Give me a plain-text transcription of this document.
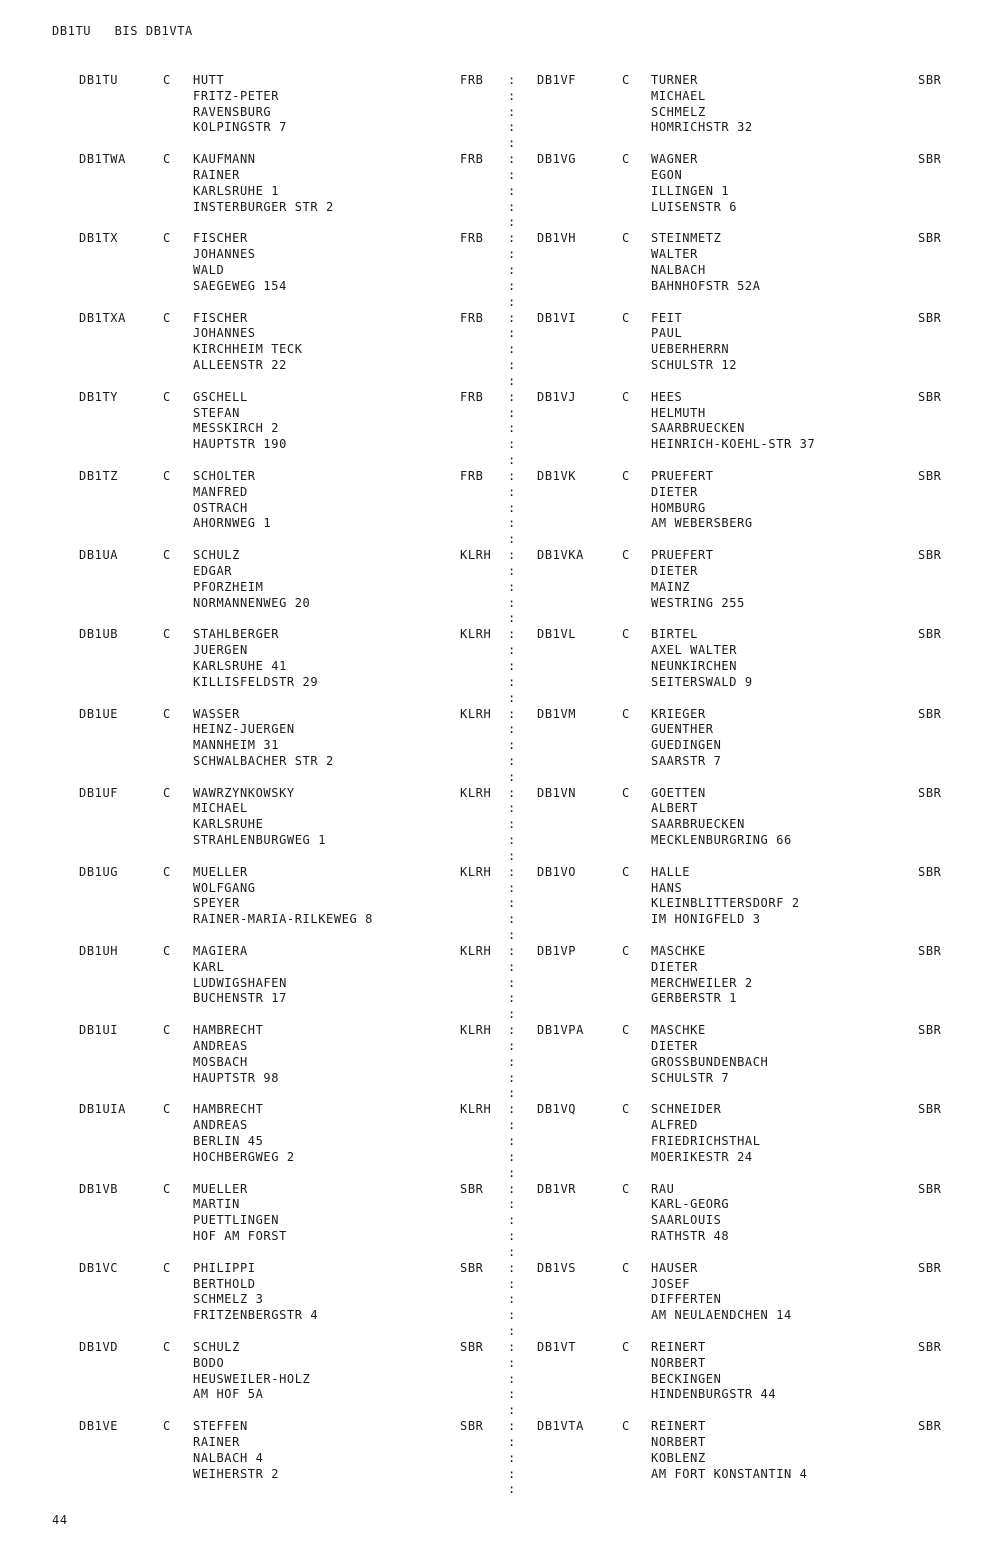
DB1TU   BIS DB1VTA
DB1TU	C HUTT	FRB	DB1VF	C TURNER	SBR
:
FRITZ-PETER	MICHAEL
:
RAVENSBURG	SCHMELZ
:
KOLPINGSTR 7	HOMRICHSTR 32
:
:
DB1TWA	C KAUFMANN	FRB	DB1VG	C WAGNER	SBR
:
RAINER	EGON
:
KARLSRUHE 1	ILLINGEN 1
:
INSTERBURGER STR 2	LUISENSTR 6
:
:
DB1TX	C FISCHER	FRB	DB1VH	C STEINMETZ	SBR
:
JOHANNES	WALTER
:
WALD	NALBACH
:
SAEGEWEG 154	BAHNHOFSTR 52A
:
:
DB1TXA	C FISCHER	FRB	DB1VI	C FEIT	SBR
:
JOHANNES	PAUL
:
KIRCHHEIM TECK	UEBERHERRN
:
ALLEENSTR 22	SCHULSTR 12
:
:
DB1TY	C GSCHELL	FRB	DB1VJ	C HEES	SBR
:
STEFAN	HELMUTH
:
MESSKIRCH 2	SAARBRUECKEN
:
HAUPTSTR 190	HEINRICH-KOEHL-STR 37
:
:
DB1TZ	C SCHOLTER	FRB	DB1VK	C PRUEFERT	SBR
:
MANFRED	DIETER
:
OSTRACH	HOMBURG
:
AHORNWEG 1	AM WEBERSBERG
:
:
DB1UA	C SCHULZ	KLRH	DB1VKA	C PRUEFERT	SBR
:
EDGAR	DIETER
:
PFORZHEIM	MAINZ
:
NORMANNENWEG 20	WESTRING 255
:
:
DB1UB	C STAHLBERGER	KLRH	DB1VL	C BIRTEL	SBR
:
JUERGEN	AXEL WALTER
:
KARLSRUHE 41	NEUNKIRCHEN
:
KILLISFELDSTR 29	SEITERSWALD 9
:
:
DB1UE	C WASSER	KLRH	DB1VM	C KRIEGER	SBR
:
HEINZ-JUERGEN	GUENTHER
:
MANNHEIM 31	GUEDINGEN
:
SCHWALBACHER STR 2	SAARSTR 7
:
:
DB1UF	C WAWRZYNKOWSKY	KLRH	DB1VN	C GOETTEN	SBR
:
MICHAEL	ALBERT
:
KARLSRUHE	SAARBRUECKEN
:
STRAHLENBURGWEG 1	MECKLENBURGRING 66
:
:
DB1UG	C MUELLER	KLRH	DB1VO	C HALLE	SBR
:
WOLFGANG	HANS
:
SPEYER	KLEINBLITTERSDORF 2
:
RAINER-MARIA-RILKEWEG 8	IM HONIGFELD 3
:
:
DB1UH	C MAGIERA	KLRH	DB1VP	C MASCHKE	SBR
:
KARL	DIETER
:
LUDWIGSHAFEN	MERCHWEILER 2
:
BUCHENSTR 17	GERBERSTR 1
:
:
DB1UI	C HAMBRECHT	KLRH	DB1VPA	C MASCHKE	SBR
:
ANDREAS	DIETER
:
MOSBACH	GROSSBUNDENBACH
:
HAUPTSTR 98	SCHULSTR 7
:
:
DB1UIA	C HAMBRECHT	KLRH	DB1VQ	C SCHNEIDER	SBR
:
ANDREAS	ALFRED
:
BERLIN 45	FRIEDRICHSTHAL
:
HOCHBERGWEG 2	MOERIKESTR 24
:
:
DB1VB	C MUELLER	SBR	DB1VR	C RAU	SBR
:
MARTIN	KARL-GEORG
:
PUETTLINGEN	SAARLOUIS
:
HOF AM FORST	RATHSTR 48
:
:
DB1VC	C PHILIPPI	SBR	DB1VS	C HAUSER	SBR
:
BERTHOLD	JOSEF
:
SCHMELZ 3	DIFFERTEN
:
FRITZENBERGSTR 4	AM NEULAENDCHEN 14
:
:
DB1VD	C SCHULZ	SBR	DB1VT	C REINERT	SBR
:
BODO	NORBERT
:
HEUSWEILER-HOLZ	BECKINGEN
:
AM HOF 5A	HINDENBURGSTR 44
:
:
DB1VE	C STEFFEN	SBR	DB1VTA	C REINERT	SBR
:
RAINER	NORBERT
:
NALBACH 4	KOBLENZ
:
WEIHERSTR 2	AM FORT KONSTANTIN 4
:
:
44
